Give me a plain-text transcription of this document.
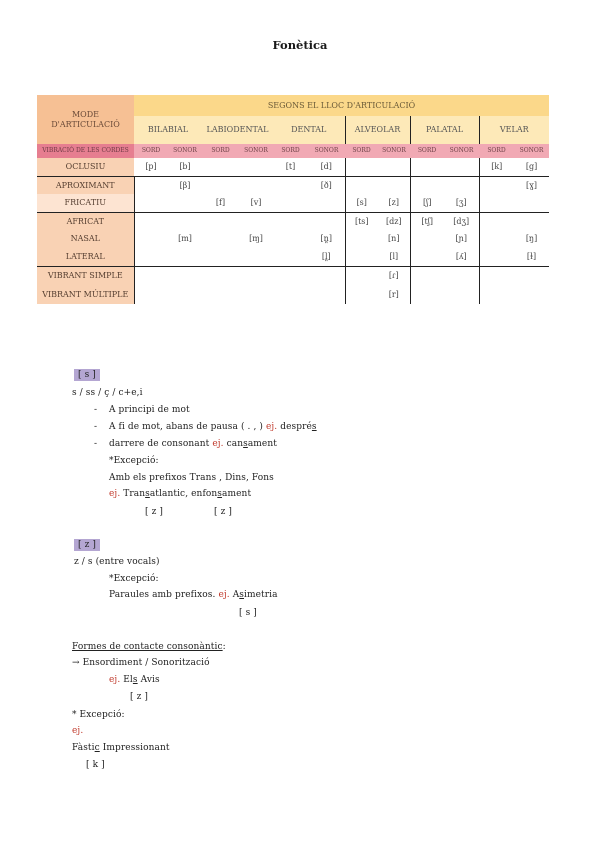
Fonètica
MODE
D'ARTICULACIÓ	SEGONS EL LLOC D'ARTICULACIÓ											
	BILABIAL		LABIODENTAL		DENTAL		ALVEOLAR		PALATAL		VELAR	
VIBRACIÓ DE LES CORDES	SORD	SONOR	SORD	SONOR	SORD	SONOR	SORD	SONOR	SORD	SONOR	SORD	SONOR
OCLUSIU	[p]	[b]			[t]	[d]					[k]	[g]
APROXIMANT		[β]				[ð]						[ɣ]
FRICATIU			[f]	[v]			[s]	[z]	[ʃ]	[ʒ]		
AFRICAT							[ts]	[dz]	[tʃ]	[dʒ]		
NASAL		[m]		[ɱ]		[n̪]		[n]		[ɲ]		[ŋ]
LATERAL						[l̪]		[l]		[ʎ]		[ɫ]
VIBRANT SIMPLE								[ɾ]				
VIBRANT MÚLTIPLE								[r]				
[ s ]
s / ss / ç / c+e,i
- A principi de mot
- A fi de mot, abans de pausa ( . , ) ej. després
- darrere de consonant ej. cansament
*Excepció:
Amb els prefixos Trans , Dins, Fons
ej. Transatlantic, enfonsament
[ z ]	[ z ]
[ z ]
z / s (entre vocals)
*Excepció:
Paraules amb prefixos. ej. Asimetria
[ s ]
Formes de contacte consonàntic:
→ Ensordiment / Sonorització
ej. Els Avis
[ z ]
* Excepció:
ej.
Fàstic Impressionant
[ k ]
